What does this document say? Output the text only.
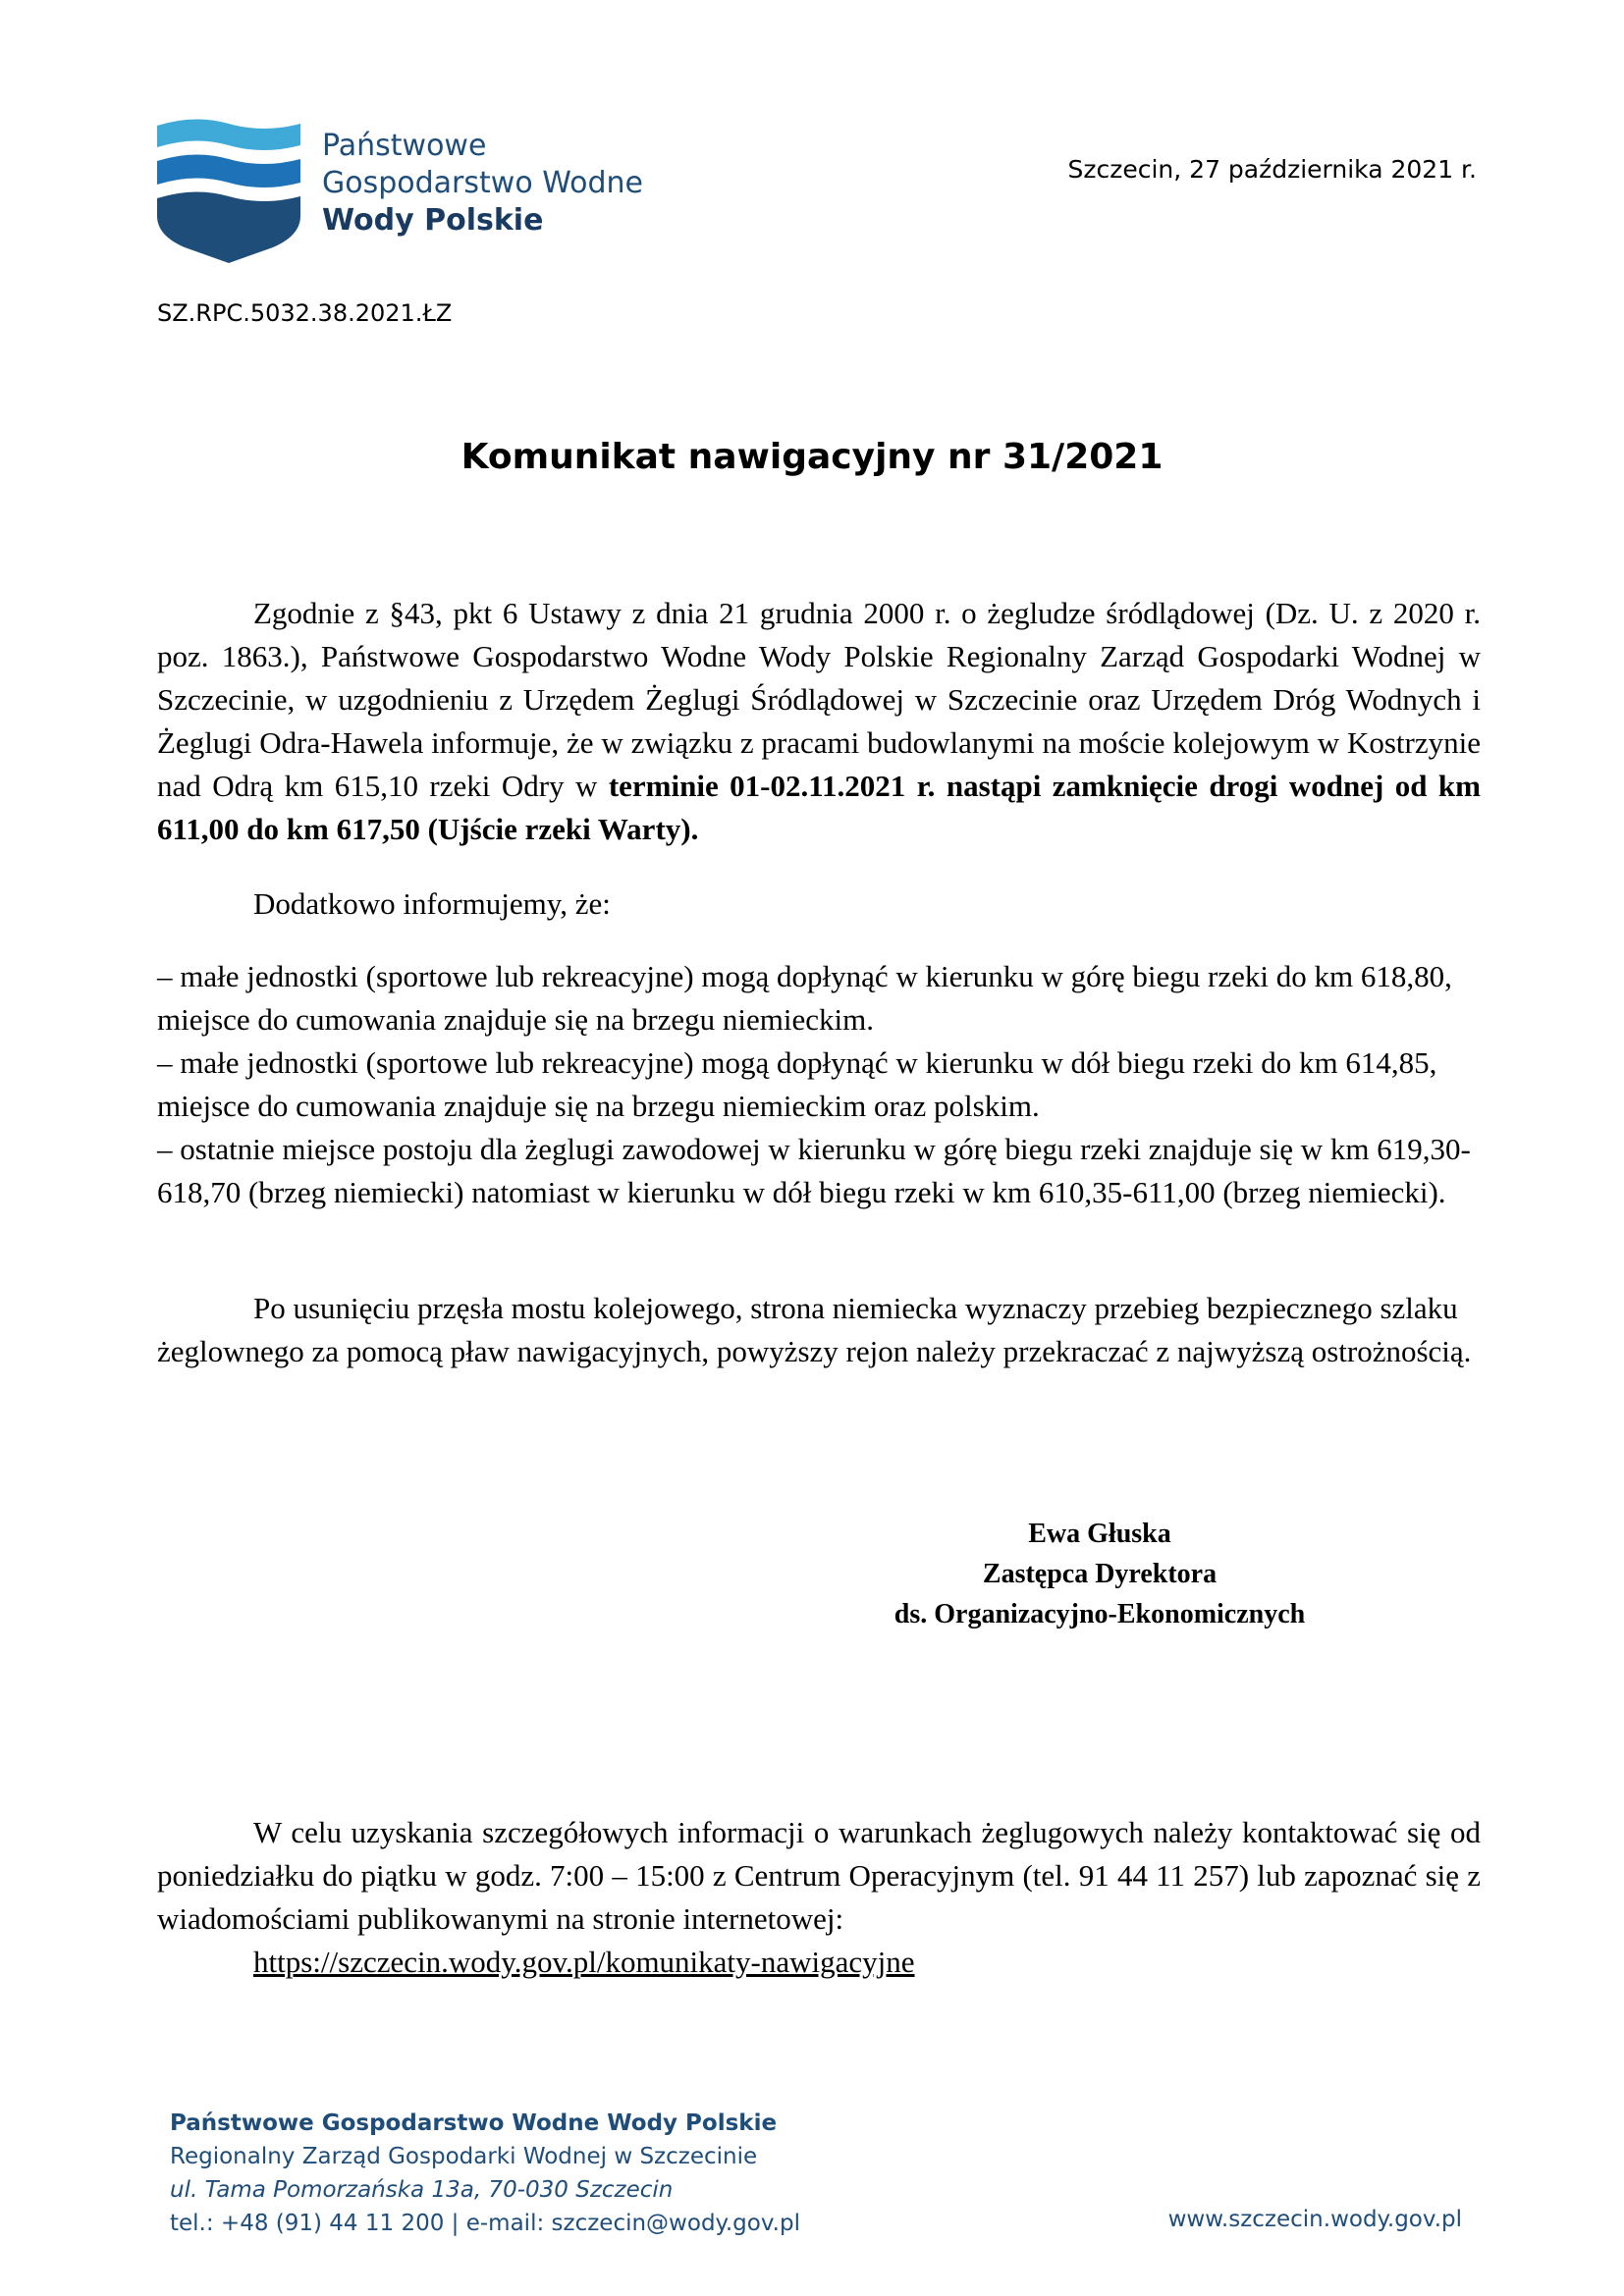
Państwowe
Gospodarstwo Wodne
Wody Polskie
Szczecin, 27 października 2021 r.
SZ.RPC.5032.38.2021.ŁZ
Komunikat nawigacyjny nr 31/2021
Zgodnie z §43, pkt 6 Ustawy z dnia 21 grudnia 2000 r. o żegludze śródlądowej (Dz. U. z 2020 r. poz. 1863.), Państwowe Gospodarstwo Wodne Wody Polskie Regionalny Zarząd Gospodarki Wodnej w Szczecinie, w uzgodnieniu z Urzędem Żeglugi Śródlądowej w Szczecinie oraz Urzędem Dróg Wodnych i Żeglugi Odra-Hawela informuje, że w związku z pracami budowlanymi na moście kolejowym w Kostrzynie nad Odrą km 615,10 rzeki Odry w terminie 01-02.11.2021 r. nastąpi zamknięcie drogi wodnej od km 611,00 do km 617,50 (Ujście rzeki Warty).
Dodatkowo informujemy, że:
– małe jednostki (sportowe lub rekreacyjne) mogą dopłynąć w kierunku w górę biegu rzeki do km 618,80, miejsce do cumowania znajduje się na brzegu niemieckim.
– małe jednostki (sportowe lub rekreacyjne) mogą dopłynąć w kierunku w dół biegu rzeki do km 614,85, miejsce do cumowania znajduje się na brzegu niemieckim oraz polskim.
– ostatnie miejsce postoju dla żeglugi zawodowej w kierunku w górę biegu rzeki znajduje się w km 619,30-618,70 (brzeg niemiecki) natomiast w kierunku w dół biegu rzeki w km 610,35-611,00 (brzeg niemiecki).
Po usunięciu przęsła mostu kolejowego, strona niemiecka wyznaczy przebieg bezpiecznego szlaku żeglownego za pomocą pław nawigacyjnych, powyższy rejon należy przekraczać z najwyższą ostrożnością.
Ewa Głuska
Zastępca Dyrektora
ds. Organizacyjno-Ekonomicznych
W celu uzyskania szczegółowych informacji o warunkach żeglugowych należy kontaktować się od poniedziałku do piątku w godz. 7:00 – 15:00 z Centrum Operacyjnym (tel. 91 44 11 257) lub zapoznać się z wiadomościami publikowanymi na stronie internetowej:
https://szczecin.wody.gov.pl/komunikaty-nawigacyjne
Państwowe Gospodarstwo Wodne Wody Polskie
Regionalny Zarząd Gospodarki Wodnej w Szczecinie
ul. Tama Pomorzańska 13a, 70-030 Szczecin
tel.: +48 (91) 44 11 200 | e-mail: szczecin@wody.gov.pl	www.szczecin.wody.gov.pl
